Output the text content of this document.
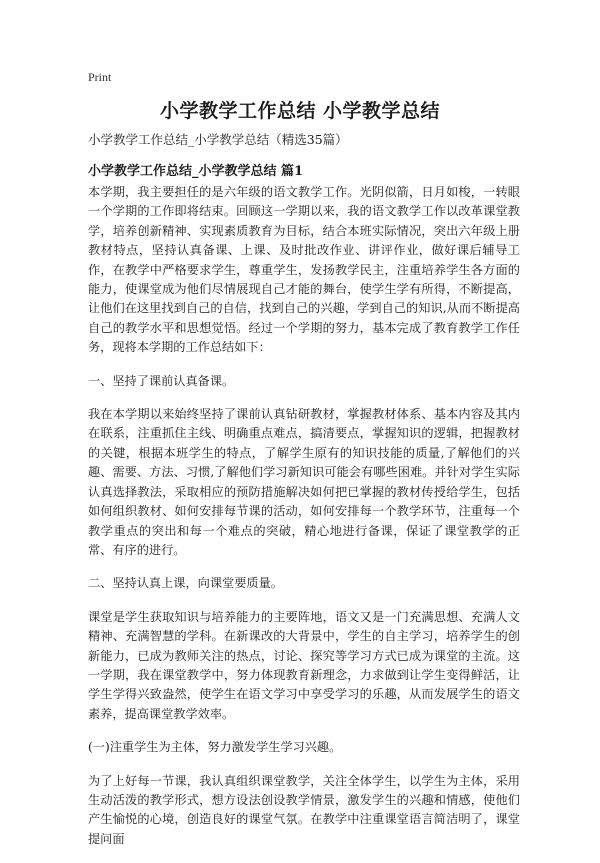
Print
小学教学工作总结 小学教学总结
小学教学工作总结_小学教学总结（精选35篇）
小学教学工作总结_小学教学总结 篇1

本学期，我主要担任的是六年级的语文教学工作。光阴似箭，日月如梭，一转眼一个学期的工作即将结束。回顾这一学期以来，我的语文教学工作以改革课堂教学，培养创新精神、实现素质教育为目标，结合本班实际情况，突出六年级上册教材特点，坚持认真备课、上课、及时批改作业、讲评作业，做好课后辅导工作，在教学中严格要求学生，尊重学生，发扬教学民主，注重培养学生各方面的能力，使课堂成为他们尽情展现自己才能的舞台，使学生学有所得，不断提高，让他们在这里找到自己的自信，找到自己的兴趣，学到自己的知识,从而不断提高自己的教学水平和思想觉悟。经过一个学期的努力，基本完成了教育教学工作任务，现将本学期的工作总结如下：

一、坚持了课前认真备课。

我在本学期以来始终坚持了课前认真钻研教材，掌握教材体系、基本内容及其内在联系，注重抓住主线、明确重点难点，搞清要点，掌握知识的逻辑，把握教材的关键，根据本班学生的特点，了解学生原有的知识技能的质量,了解他们的兴趣、需要、方法、习惯,了解他们学习新知识可能会有哪些困难。并针对学生实际认真选择教法，采取相应的预防措施解决如何把已掌握的教材传授给学生，包括如何组织教材、如何安排每节课的活动，如何安排每一个教学环节，注重每一个教学重点的突出和每一个难点的突破，精心地进行备课，保证了课堂教学的正常、有序的进行。

二、坚持认真上课，向课堂要质量。

课堂是学生获取知识与培养能力的主要阵地，语文又是一门充满思想、充满人文精神、充满智慧的学科。在新课改的大背景中，学生的自主学习，培养学生的创新能力，已成为教师关注的热点，讨论、探究等学习方式已成为课堂的主流。这一学期，我在课堂教学中，努力体现教育新理念，力求做到让学生变得鲜活，让学生学得兴致盎然，使学生在语文学习中享受学习的乐趣，从而发展学生的语文素养，提高课堂教学效率。

(一)注重学生为主体，努力激发学生学习兴趣。

为了上好每一节课，我认真组织课堂教学，关注全体学生，以学生为主体，采用生动活泼的教学形式，想方设法创设教学情景，激发学生的兴趣和情感，使他们产生愉悦的心境，创造良好的课堂气氛。在教学中注重课堂语言简洁明了，课堂提问面
